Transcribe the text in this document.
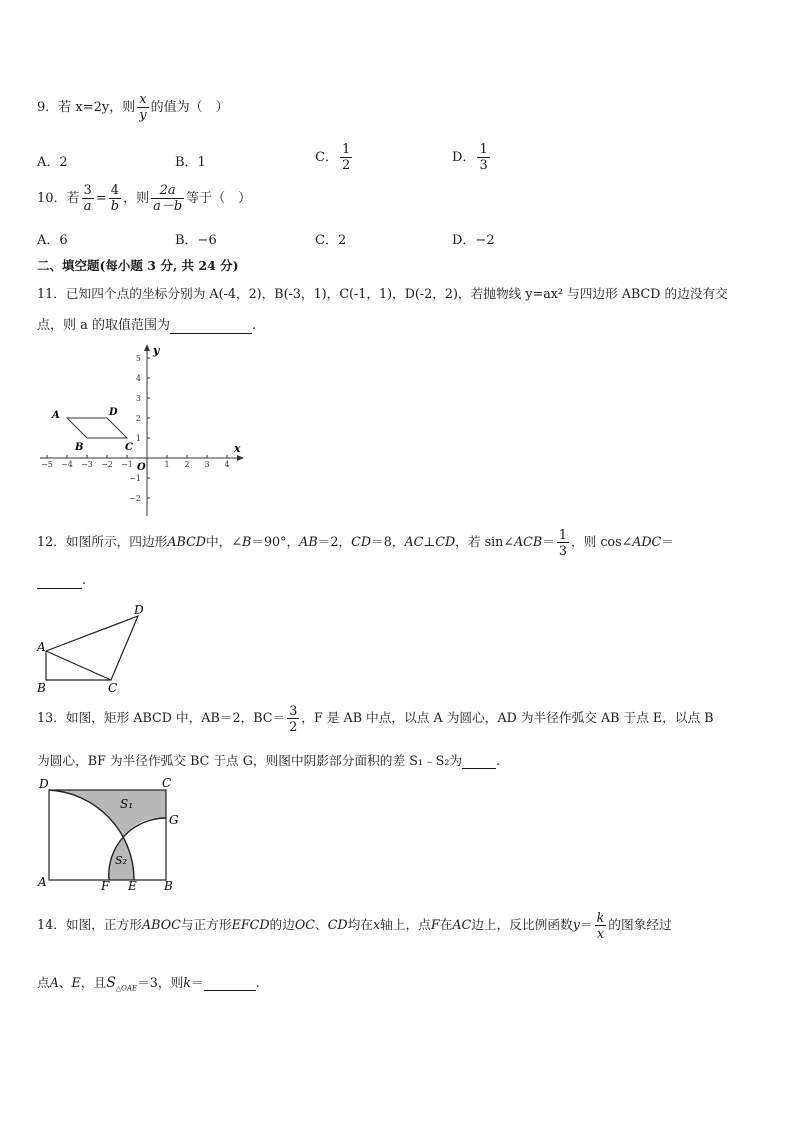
9．若 x=2y，则 $\frac{x}{y}$ 的值为（　）
A．2	B．1	C． $\frac{1}{2}$	D． $\frac{1}{3}$
10．若 $\frac{3}{a} = \frac{4}{b}$ ，则 $\frac{2a}{a-b}$ 等于（　）
A．6	B．−6	C．2	D．−2
二、填空题(每小题 3 分, 共 24 分)
11．已知四个点的坐标分别为 A(-4，2)，B(-3，1)，C(-1，1)，D(-2，2)，若抛物线 y=ax² 与四边形 ABCD 的边没有交
点，则 a 的取值范围为	.
x
y
O
−5 −4 −3 −2 −1	1 2 3 4
5
4
3
2
1
−1
−2
A
B	C
D
12．如图所示，四边形ABCD中，∠B＝90°，AB＝2，CD＝8，AC⊥CD，若 sin∠ACB＝ $\frac{1}{3}$ ，则 cos∠ADC＝
.
A
B	C
D
13．如图，矩形 ABCD 中，AB＝2，$BC= \frac{3}{2}$ ，F 是 AB 中点，以点 A 为圆心，AD 为半径作弧交 AB 于点 E，以点 B
为圆心，BF 为半径作弧交 BC 于点 G，则图中阴影部分面积的差 S₁﹣S₂为	.
D	C
G
A	F E B
S₁
S₂
14．如图，正方形ABOC与正方形EFCD的边OC、CD均在x轴上，点F在AC边上，反比例函数$y= \frac{k}{x}$ 的图象经过
点A、E，且$S_{\triangle OAE}=3$，则k＝	.
